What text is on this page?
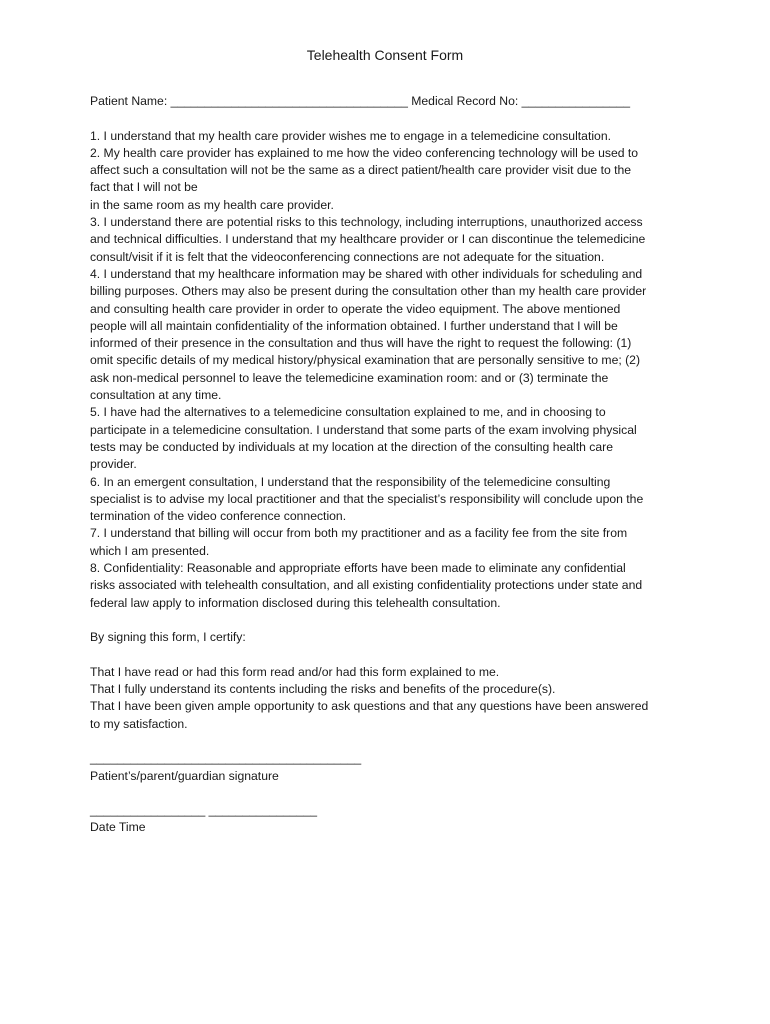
Telehealth Consent Form
Patient Name: ___________________________________ Medical Record No: ________________
1. I understand that my health care provider wishes me to engage in a telemedicine consultation.
2. My health care provider has explained to me how the video conferencing technology will be used to
affect such a consultation will not be the same as a direct patient/health care provider visit due to the
fact that I will not be
in the same room as my health care provider.
3. I understand there are potential risks to this technology, including interruptions, unauthorized access
and technical difficulties. I understand that my healthcare provider or I can discontinue the telemedicine
consult/visit if it is felt that the videoconferencing connections are not adequate for the situation.
4. I understand that my healthcare information may be shared with other individuals for scheduling and
billing purposes. Others may also be present during the consultation other than my health care provider
and consulting health care provider in order to operate the video equipment. The above mentioned
people will all maintain confidentiality of the information obtained. I further understand that I will be
informed of their presence in the consultation and thus will have the right to request the following: (1)
omit specific details of my medical history/physical examination that are personally sensitive to me; (2)
ask non-medical personnel to leave the telemedicine examination room: and or (3) terminate the
consultation at any time.
5. I have had the alternatives to a telemedicine consultation explained to me, and in choosing to
participate in a telemedicine consultation. I understand that some parts of the exam involving physical
tests may be conducted by individuals at my location at the direction of the consulting health care
provider.
6. In an emergent consultation, I understand that the responsibility of the telemedicine consulting
specialist is to advise my local practitioner and that the specialist’s responsibility will conclude upon the
termination of the video conference connection.
7. I understand that billing will occur from both my practitioner and as a facility fee from the site from
which I am presented.
8. Confidentiality: Reasonable and appropriate efforts have been made to eliminate any confidential
risks associated with telehealth consultation, and all existing confidentiality protections under state and
federal law apply to information disclosed during this telehealth consultation.
By signing this form, I certify:
That I have read or had this form read and/or had this form explained to me.
That I fully understand its contents including the risks and benefits of the procedure(s).
That I have been given ample opportunity to ask questions and that any questions have been answered
to my satisfaction.
________________________________________
Patient’s/parent/guardian signature
_________________ ________________
Date Time
